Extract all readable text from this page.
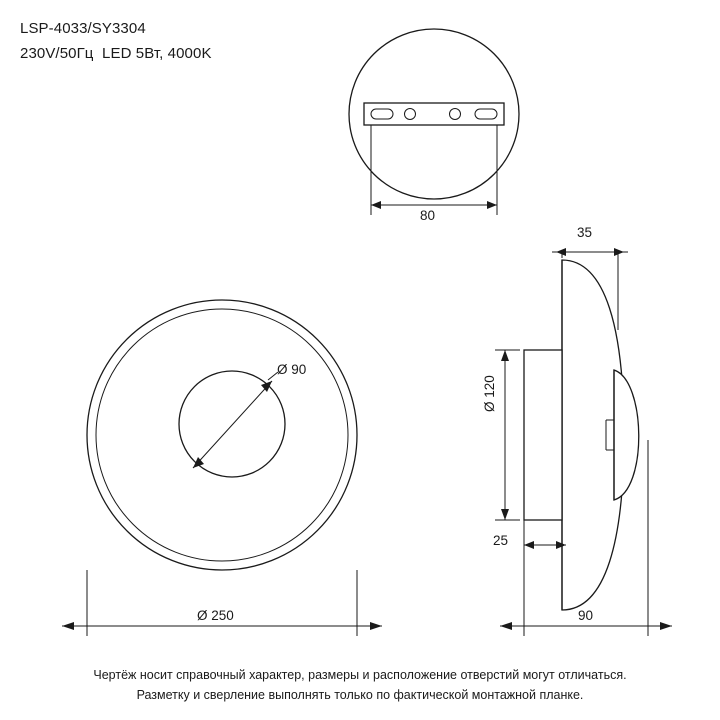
LSP-4033/SY3304
230V/50Гц  LED 5Вт, 4000K
80
Ø 90
Ø 250
35
Ø 120
25
90
Чертёж носит справочный характер, размеры и расположение отверстий могут отличаться.
Разметку и сверление выполнять только по фактической монтажной планке.
